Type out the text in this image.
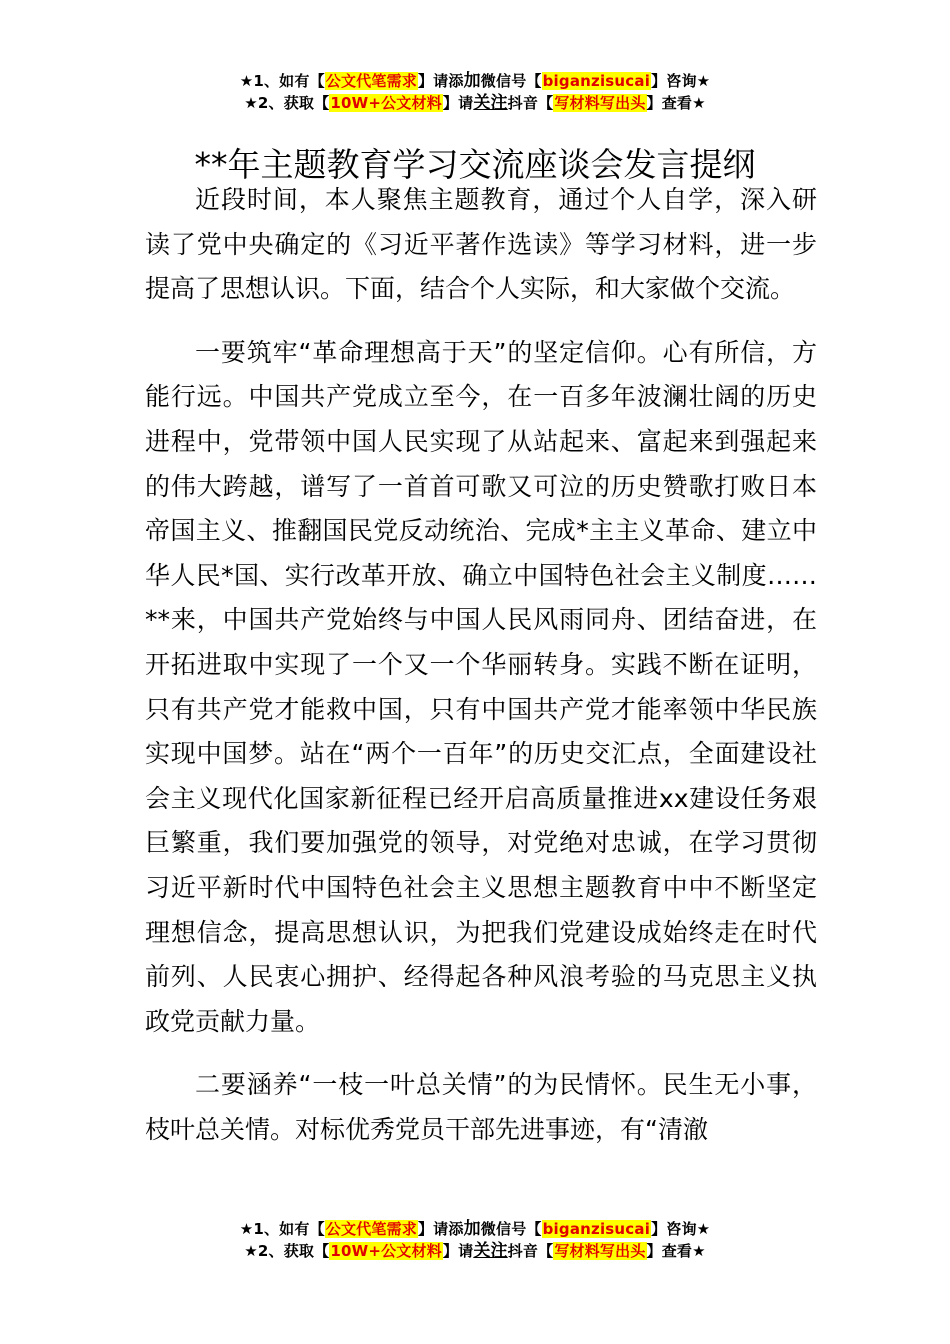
★1、如有【公文代笔需求】请添加微信号【biganzisucai】咨询★
★2、获取【10W+公文材料】请关注抖音【写材料写出头】查看★
**年主题教育学习交流座谈会发言提纲

近段时间，本人聚焦主题教育，通过个人自学，深入研读了党中央确定的《习近平著作选读》等学习材料，进一步提高了思想认识。下面，结合个人实际，和大家做个交流。

一要筑牢“革命理想高于天”的坚定信仰。心有所信，方能行远。中国共产党成立至今，在一百多年波澜壮阔的历史进程中，党带领中国人民实现了从站起来、富起来到强起来的伟大跨越，谱写了一首首可歌又可泣的历史赞歌打败日本帝国主义、推翻国民党反动统治、完成*主主义革命、建立中华人民*国、实行改革开放、确立中国特色社会主义制度……**来，中国共产党始终与中国人民风雨同舟、团结奋进，在开拓进取中实现了一个又一个华丽转身。实践不断在证明，只有共产党才能救中国，只有中国共产党才能率领中华民族实现中国梦。站在“两个一百年”的历史交汇点，全面建设社会主义现代化国家新征程已经开启高质量推进xx建设任务艰巨繁重，我们要加强党的领导，对党绝对忠诚，在学习贯彻习近平新时代中国特色社会主义思想主题教育中中不断坚定理想信念，提高思想认识，为把我们党建设成始终走在时代前列、人民衷心拥护、经得起各种风浪考验的马克思主义执政党贡献力量。

二要涵养“一枝一叶总关情”的为民情怀。民生无小事，枝叶总关情。对标优秀党员干部先进事迹，有“清澈

★1、如有【公文代笔需求】请添加微信号【biganzisucai】咨询★
★2、获取【10W+公文材料】请关注抖音【写材料写出头】查看★
